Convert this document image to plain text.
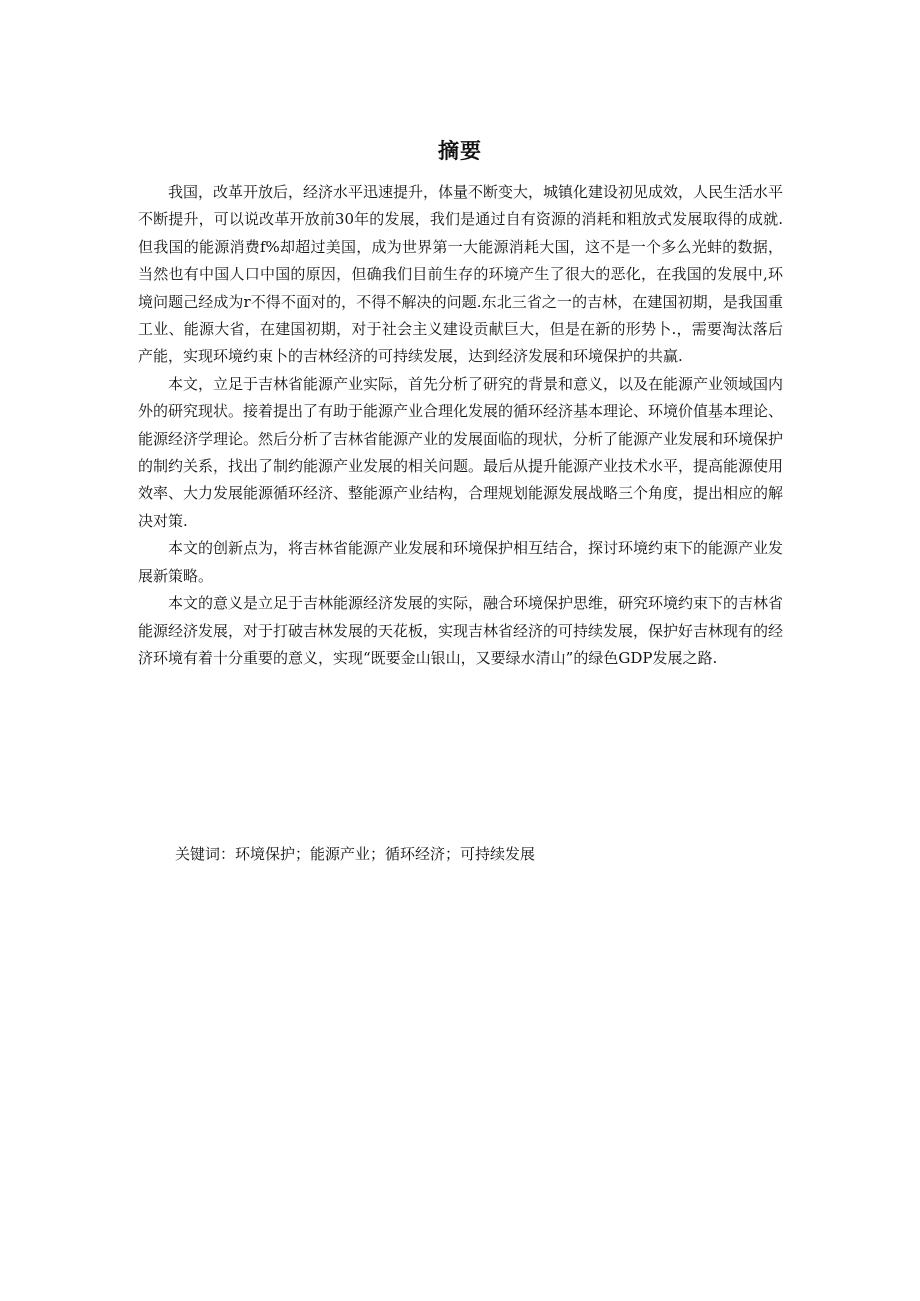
摘要

我国，改革开放后，经济水平迅速提升，体量不断变大，城镇化建设初见成效，人民生活水平不断提升，可以说改革开放前30年的发展，我们是通过自有资源的消耗和粗放式发展取得的成就.但我国的能源消费f%却超过美国，成为世界第一大能源消耗大国，这不是一个多么光蚌的数据，当然也有中国人口中国的原因，但确我们目前生存的环境产生了很大的恶化，在我国的发展中,环境问题己经成为r不得不面对的，不得不解决的问题.东北三省之一的吉林，在建国初期，是我国重工业、能源大省，在建国初期，对于社会主义建设贡献巨大，但是在新的形势卜.，需要淘汰落后产能，实现环境约束卜的吉林经济的可持续发展，达到经济发展和环境保护的共赢.

本文，立足于吉林省能源产业实际，首先分析了研究的背景和意义，以及在能源产业领域国内外的研究现状。接着提出了有助于能源产业合理化发展的循环经济基本理论、环境价值基本理论、能源经济学理论。然后分析了吉林省能源产业的发展面临的现状，分析了能源产业发展和环境保护的制约关系，找出了制约能源产业发展的相关问题。最后从提升能源产业技术水平，提高能源使用效率、大力发展能源循环经济、整能源产业结构，合理规划能源发展战略三个角度，提出相应的解决对策.

本文的创新点为，将吉林省能源产业发展和环境保护相互结合，探讨环境约束下的能源产业发展新策略。

本文的意义是立足于吉林能源经济发展的实际，融合环境保护思维，研究环境约束下的吉林省能源经济发展，对于打破吉林发展的天花板，实现吉林省经济的可持续发展，保护好吉林现有的经济环境有着十分重要的意义，实现“既要金山银山，又要绿水清山”的绿色GDP发展之路.

关键词：环境保护；能源产业；循环经济；可持续发展
